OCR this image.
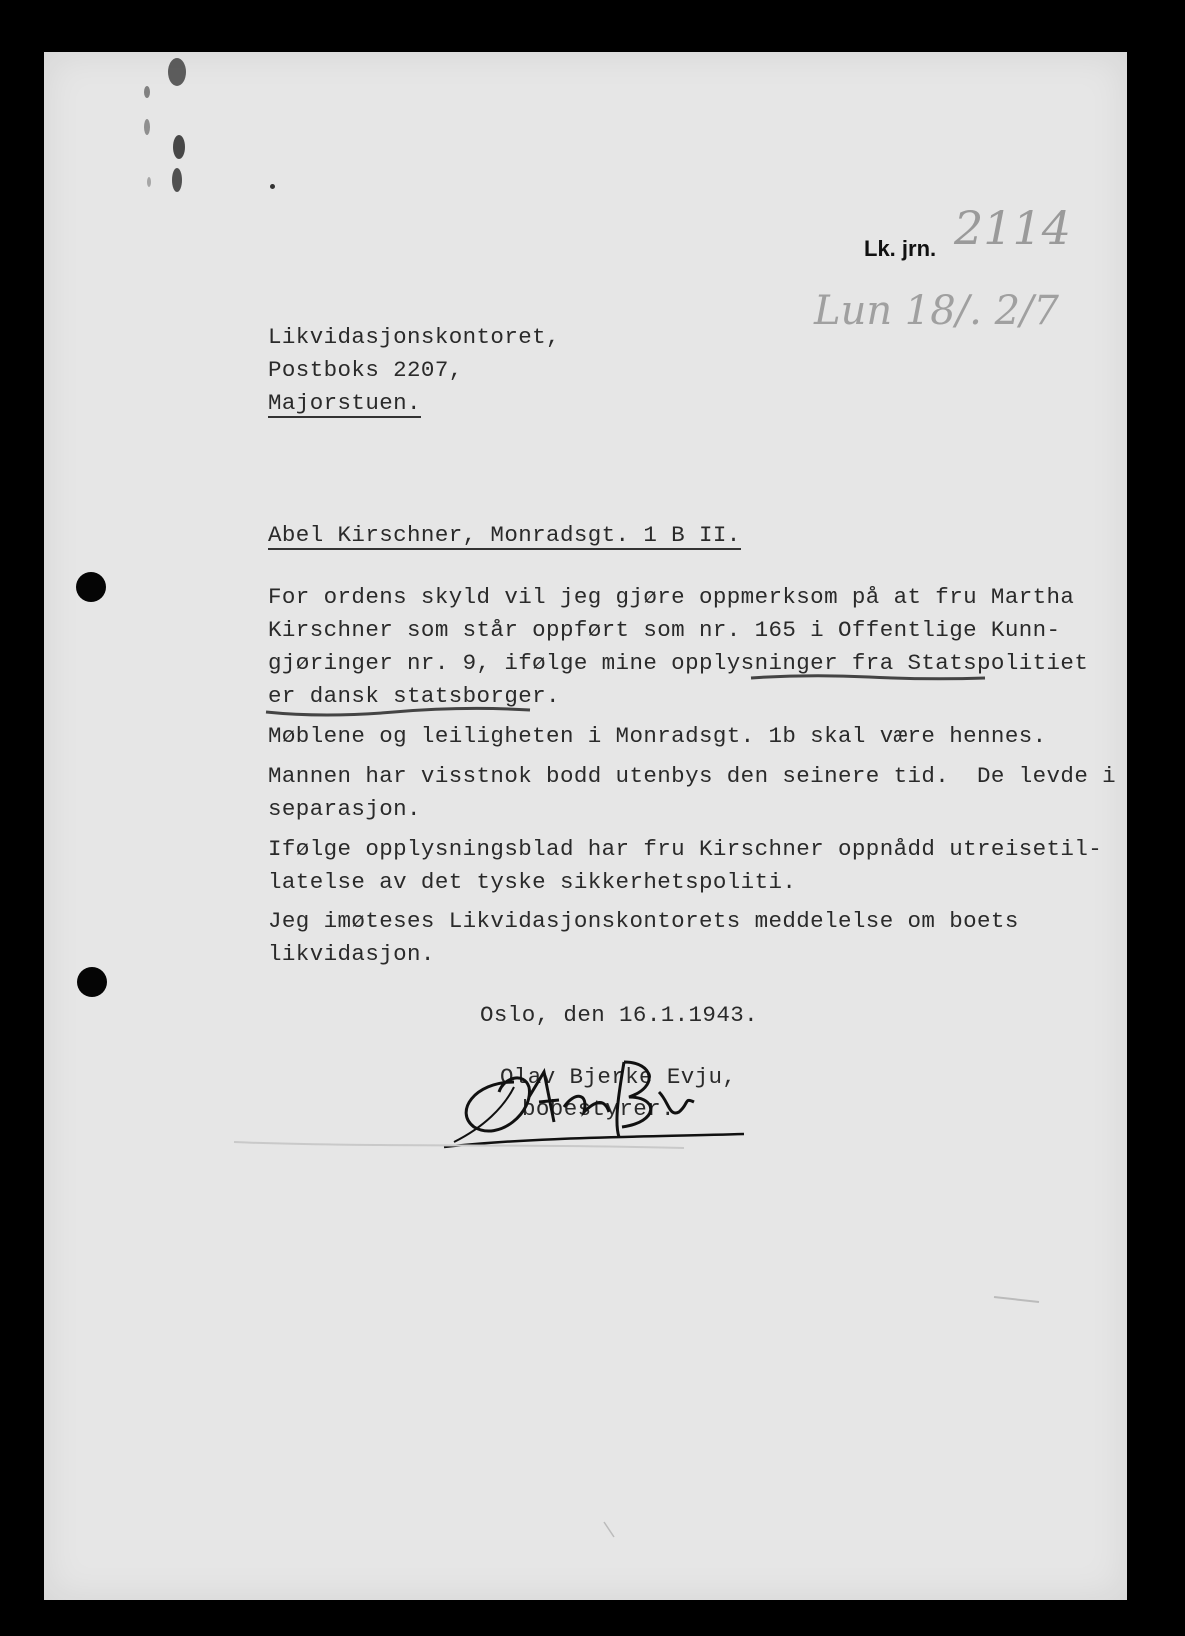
Lk. jrn. 2114
Lun 18/. 2/7
Likvidasjonskontoret,
Postboks 2207,
Majorstuen.
Abel Kirschner, Monradsgt. 1 B II.
For ordens skyld vil jeg gjøre oppmerksom på at fru Martha
Kirschner som står oppført som nr. 165 i Offentlige Kunn-
gjøringer nr. 9, ifølge mine opplysninger fra Statspolitiet
er dansk statsborger.
Møblene og leiligheten i Monradsgt. 1b skal være hennes.
Mannen har visstnok bodd utenbys den seinere tid.  De levde i
separasjon.
Ifølge opplysningsblad har fru Kirschner oppnådd utreisetil-
latelse av det tyske sikkerhetspoliti.
Jeg imøteses Likvidasjonskontorets meddelelse om boets
likvidasjon.
Oslo, den 16.1.1943.
Olav Bjerke Evju,
bobestyrer.
